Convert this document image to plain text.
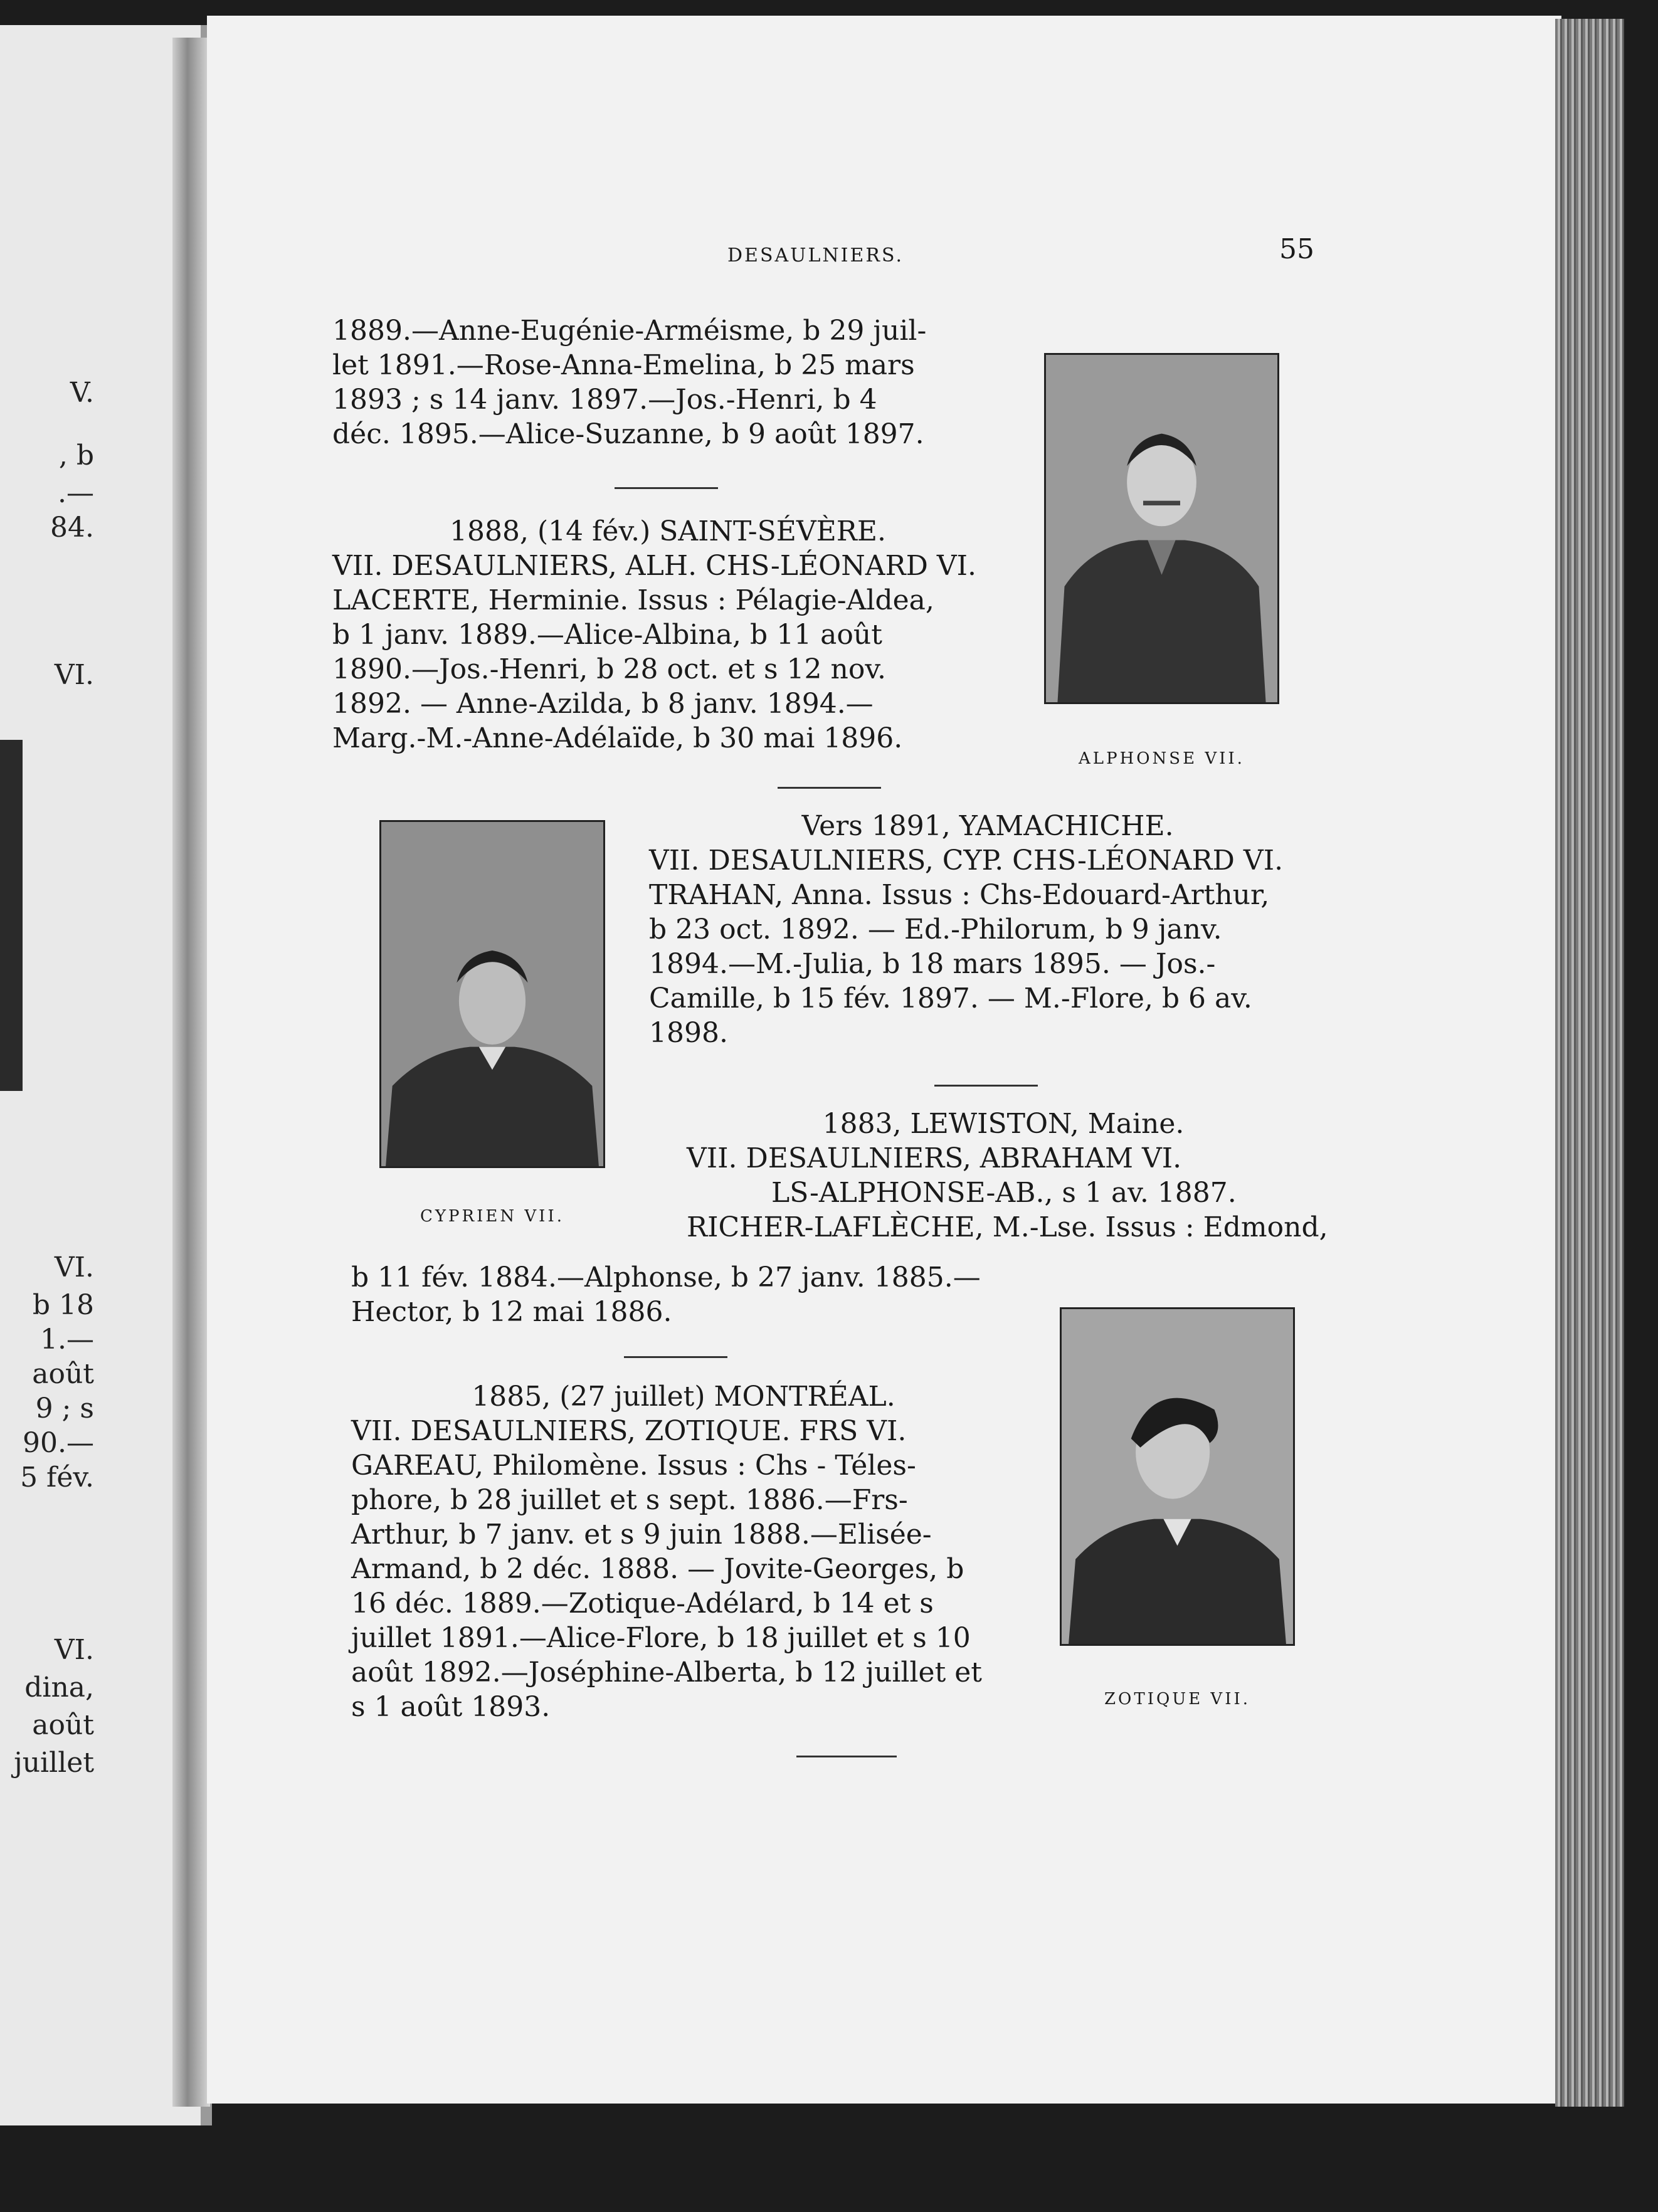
V.
, b
.—
84.
VI.
VI.
b 18
1.—
août
9 ; s
90.—
5 fév.
VI.
dina,
août
juillet
DESAULNIERS.	55

1889.—Anne-Eugénie-Arméisme, b 29 juil-

let 1891.—Rose-Anna-Emelina, b 25 mars

1893 ; s 14 janv. 1897.—Jos.-Henri, b 4

déc. 1895.—Alice-Suzanne, b 9 août 1897.

1888, (14 fév.) SAINT-SÉVÈRE.

VII. DESAULNIERS, ALH. CHS-LÉONARD VI.

LACERTE, Herminie. Issus : Pélagie-Aldea,

b 1 janv. 1889.—Alice-Albina, b 11 août

1890.—Jos.-Henri, b 28 oct. et s 12 nov.

1892. — Anne-Azilda, b 8 janv. 1894.—

Marg.-M.-Anne-Adélaïde, b 30 mai 1896.

ALPHONSE VII.

Vers 1891, YAMACHICHE.

VII. DESAULNIERS, CYP. CHS-LÉONARD VI.

TRAHAN, Anna. Issus : Chs-Edouard-Arthur,

b 23 oct. 1892. — Ed.-Philorum, b 9 janv.

1894.—M.-Julia, b 18 mars 1895. — Jos.-

Camille, b 15 fév. 1897. — M.-Flore, b 6 av.

1898.

CYPRIEN VII.

1883, LEWISTON, Maine.

VII. DESAULNIERS, ABRAHAM VI.

LS-ALPHONSE-AB., s 1 av. 1887.

RICHER-LAFLÈCHE, M.-Lse. Issus : Edmond,

b 11 fév. 1884.—Alphonse, b 27 janv. 1885.—

Hector, b 12 mai 1886.

1885, (27 juillet) MONTRÉAL.

VII. DESAULNIERS, ZOTIQUE. FRS VI.

GAREAU, Philomène. Issus : Chs - Téles-

phore, b 28 juillet et s sept. 1886.—Frs-

Arthur, b 7 janv. et s 9 juin 1888.—Elisée-

Armand, b 2 déc. 1888. — Jovite-Georges, b

16 déc. 1889.—Zotique-Adélard, b 14 et s

juillet 1891.—Alice-Flore, b 18 juillet et s 10

août 1892.—Joséphine-Alberta, b 12 juillet et

s 1 août 1893.	ZOTIQUE VII.
